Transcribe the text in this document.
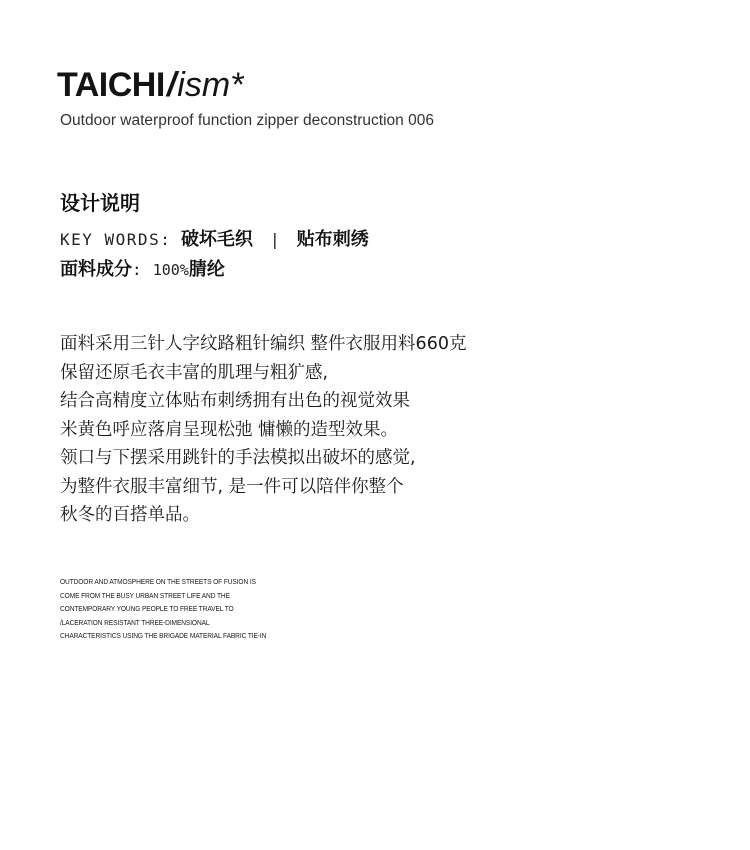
TAICHI/ism*
Outdoor waterproof function zipper deconstruction 006
设计说明
KEY WORDS: 破坏毛织 | 贴布刺绣
面料成分: 100%腈纶
面料采用三针人字纹路粗针编织 整件衣服用料660克
保留还原毛衣丰富的肌理与粗犷感,
结合高精度立体贴布刺绣拥有出色的视觉效果
米黄色呼应落肩呈现松弛 慵懒的造型效果。
领口与下摆采用跳针的手法模拟出破坏的感觉,
为整件衣服丰富细节, 是一件可以陪伴你整个
秋冬的百搭单品。
OUTDOOR AND ATMOSPHERE ON THE STREETS OF FUSION IS
COME FROM THE BUSY URBAN STREET LIFE AND THE
CONTEMPORARY YOUNG PEOPLE TO FREE TRAVEL TO
/LACERATION RESISTANT THREE-DIMENSIONAL
CHARACTERISTICS USING THE BRIGADE MATERIAL FABRIC TIE-IN
